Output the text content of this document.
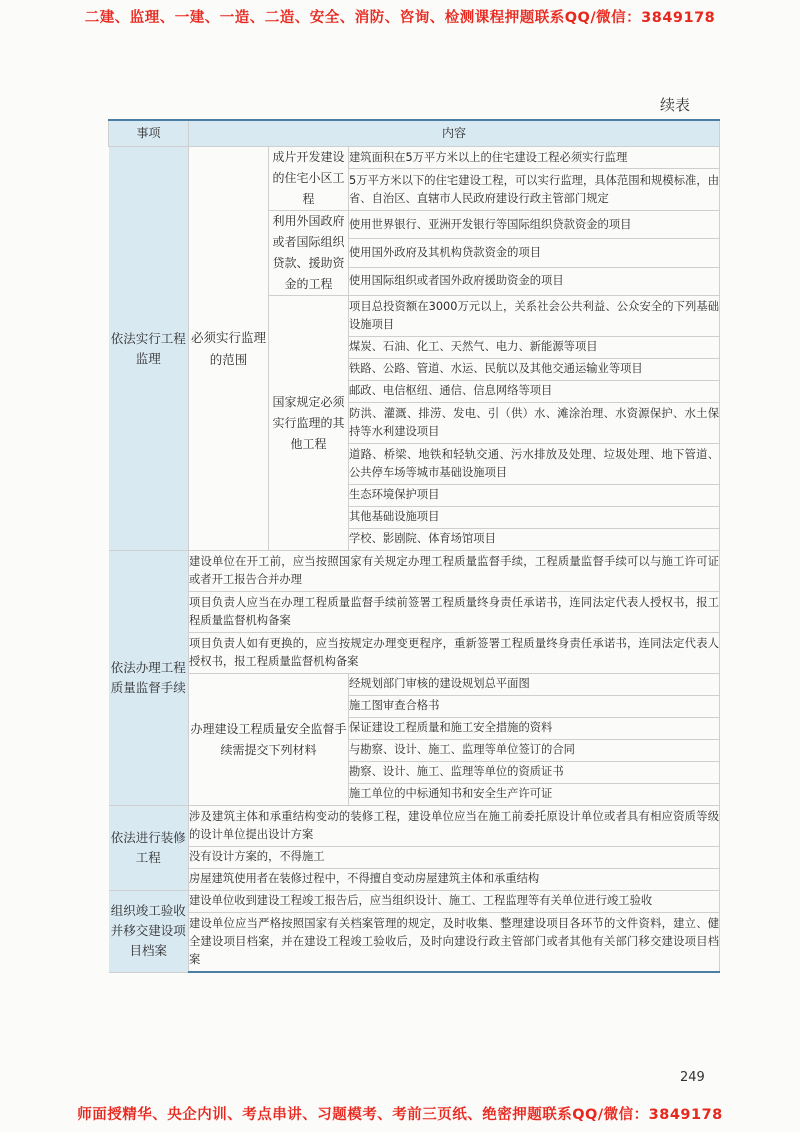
二建、监理、一建、一造、二造、安全、消防、咨询、检测课程押题联系QQ/微信：3849178
续表
事项	内容		
依法实行工程监理	必须实行监理的范围	成片开发建设的住宅小区工程	建筑面积在5万平方米以上的住宅建设工程必须实行监理
			5万平方米以下的住宅建设工程，可以实行监理，具体范围和规模标准，由省、自治区、直辖市人民政府建设行政主管部门规定
		利用外国政府或者国际组织贷款、援助资金的工程	使用世界银行、亚洲开发银行等国际组织贷款资金的项目
			使用国外政府及其机构贷款资金的项目
			使用国际组织或者国外政府援助资金的项目
		国家规定必须实行监理的其他工程	项目总投资额在3000万元以上，关系社会公共利益、公众安全的下列基础设施项目
			煤炭、石油、化工、天然气、电力、新能源等项目
			铁路、公路、管道、水运、民航以及其他交通运输业等项目
			邮政、电信枢纽、通信、信息网络等项目
			防洪、灌溉、排涝、发电、引（供）水、滩涂治理、水资源保护、水土保持等水利建设项目
			道路、桥梁、地铁和轻轨交通、污水排放及处理、垃圾处理、地下管道、公共停车场等城市基础设施项目
			生态环境保护项目
			其他基础设施项目
			学校、影剧院、体育场馆项目
依法办理工程质量监督手续	建设单位在开工前，应当按照国家有关规定办理工程质量监督手续，工程质量监督手续可以与施工许可证或者开工报告合并办理		
	项目负责人应当在办理工程质量监督手续前签署工程质量终身责任承诺书，连同法定代表人授权书，报工程质量监督机构备案		
	项目负责人如有更换的，应当按规定办理变更程序，重新签署工程质量终身责任承诺书，连同法定代表人授权书，报工程质量监督机构备案		
	办理建设工程质量安全监督手续需提交下列材料		经规划部门审核的建设规划总平面图
			施工图审查合格书
			保证建设工程质量和施工安全措施的资料
			与勘察、设计、施工、监理等单位签订的合同
			勘察、设计、施工、监理等单位的资质证书
			施工单位的中标通知书和安全生产许可证
依法进行装修工程	涉及建筑主体和承重结构变动的装修工程，建设单位应当在施工前委托原设计单位或者具有相应资质等级的设计单位提出设计方案		
	没有设计方案的，不得施工		
	房屋建筑使用者在装修过程中，不得擅自变动房屋建筑主体和承重结构		
组织竣工验收并移交建设项目档案	建设单位收到建设工程竣工报告后，应当组织设计、施工、工程监理等有关单位进行竣工验收		
	建设单位应当严格按照国家有关档案管理的规定，及时收集、整理建设项目各环节的文件资料，建立、健全建设项目档案，并在建设工程竣工验收后，及时向建设行政主管部门或者其他有关部门移交建设项目档案		
249
师面授精华、央企内训、考点串讲、习题模考、考前三页纸、绝密押题联系QQ/微信：3849178
